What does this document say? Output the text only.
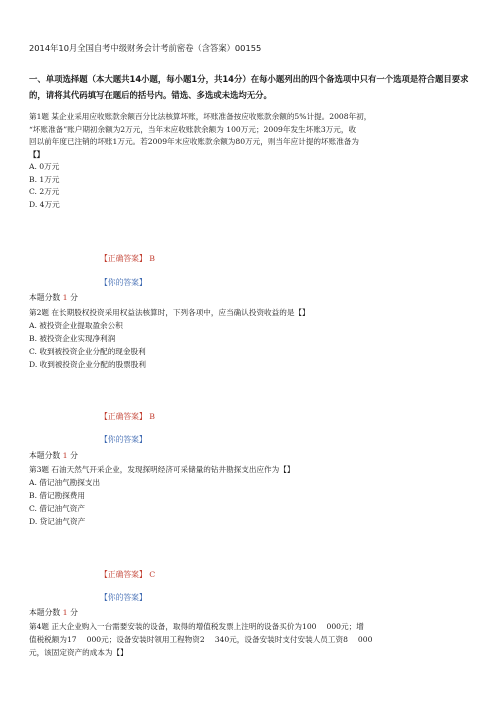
2014年10月全国自考中级财务会计考前密卷（含答案）00155
一、单项选择题（本大题共14小题，每小题1分，共14分）在每小题列出的四个备选项中只有一个选项是符合题目要求的，请将其代码填写在题后的括号内。错选、多选或未选均无分。
第1题 某企业采用应收账款余额百分比法核算坏账，坏账准备按应收账款余额的5%计提。2008年初，
“坏账准备”账户期初余额为2万元，当年末应收账款余额为 100万元；2009年发生坏账3万元，收
回以前年度已注销的坏账1万元。若2009年末应收账款余额为80万元，则当年应计提的坏账准备为
【】
A. 0万元
B. 1万元
C. 2万元
D. 4万元
【正确答案】 B
【你的答案】
本题分数 1 分
第2题 在长期股权投资采用权益法核算时，下列各项中，应当确认投资收益的是【】
A. 被投资企业提取盈余公积
B. 被投资企业实现净利润
C. 收到被投资企业分配的现金股利
D. 收到被投资企业分配的股票股利
【正确答案】 B
【你的答案】
本题分数 1 分
第3题 石油天然气开采企业，发现探明经济可采储量的钻井勘探支出应作为【】
A. 借记油气勘探支出
B. 借记勘探费用
C. 借记油气资产
D. 贷记油气资产
【正确答案】 C
【你的答案】
本题分数 1 分
第4题 正大企业购入一台需要安装的设备，取得的增值税发票上注明的设备买价为100　 000元；增
值税税额为17　 000元；设备安装时领用工程物资2　 340元，设备安装时支付安装人员工资8　 000
元，该固定资产的成本为【】
